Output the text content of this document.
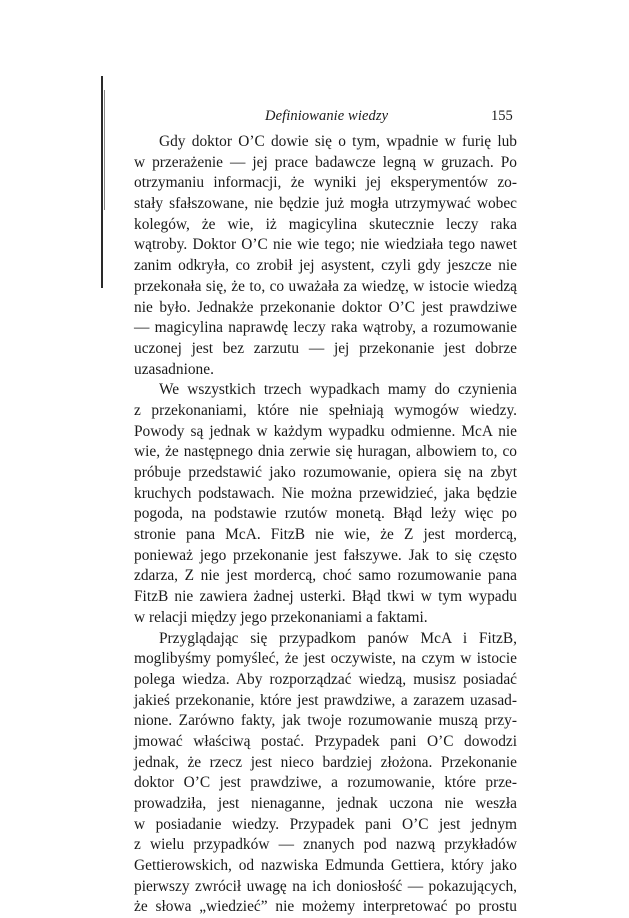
Definiowanie wiedzy	155
Gdy doktor O’C dowie się o tym, wpadnie w furię lub
w przerażenie — jej prace badawcze legną w gruzach. Po
otrzymaniu informacji, że wyniki jej eksperymentów zo-
stały sfałszowane, nie będzie już mogła utrzymywać wobec
kolegów, że wie, iż magicylina skutecznie leczy raka
wątroby. Doktor O’C nie wie tego; nie wiedziała tego nawet
zanim odkryła, co zrobił jej asystent, czyli gdy jeszcze nie
przekonała się, że to, co uważała za wiedzę, w istocie wiedzą
nie było. Jednakże przekonanie doktor O’C jest prawdziwe
— magicylina naprawdę leczy raka wątroby, a rozumowanie
uczonej jest bez zarzutu — jej przekonanie jest dobrze
uzasadnione.
We wszystkich trzech wypadkach mamy do czynienia
z przekonaniami, które nie spełniają wymogów wiedzy.
Powody są jednak w każdym wypadku odmienne. McA nie
wie, że następnego dnia zerwie się huragan, albowiem to, co
próbuje przedstawić jako rozumowanie, opiera się na zbyt
kruchych podstawach. Nie można przewidzieć, jaka będzie
pogoda, na podstawie rzutów monetą. Błąd leży więc po
stronie pana McA. FitzB nie wie, że Z jest mordercą,
ponieważ jego przekonanie jest fałszywe. Jak to się często
zdarza, Z nie jest mordercą, choć samo rozumowanie pana
FitzB nie zawiera żadnej usterki. Błąd tkwi w tym wypadu
w relacji między jego przekonaniami a faktami.
Przyglądając się przypadkom panów McA i FitzB,
moglibyśmy pomyśleć, że jest oczywiste, na czym w istocie
polega wiedza. Aby rozporządzać wiedzą, musisz posiadać
jakieś przekonanie, które jest prawdziwe, a zarazem uzasad-
nione. Zarówno fakty, jak twoje rozumowanie muszą przy-
jmować właściwą postać. Przypadek pani O’C dowodzi
jednak, że rzecz jest nieco bardziej złożona. Przekonanie
doktor O’C jest prawdziwe, a rozumowanie, które prze-
prowadziła, jest nienaganne, jednak uczona nie weszła
w posiadanie wiedzy. Przypadek pani O’C jest jednym
z wielu przypadków — znanych pod nazwą przykładów
Gettierowskich, od nazwiska Edmunda Gettiera, który jako
pierwszy zwrócił uwagę na ich doniosłość — pokazujących,
że słowa „wiedzieć” nie możemy interpretować po prostu
